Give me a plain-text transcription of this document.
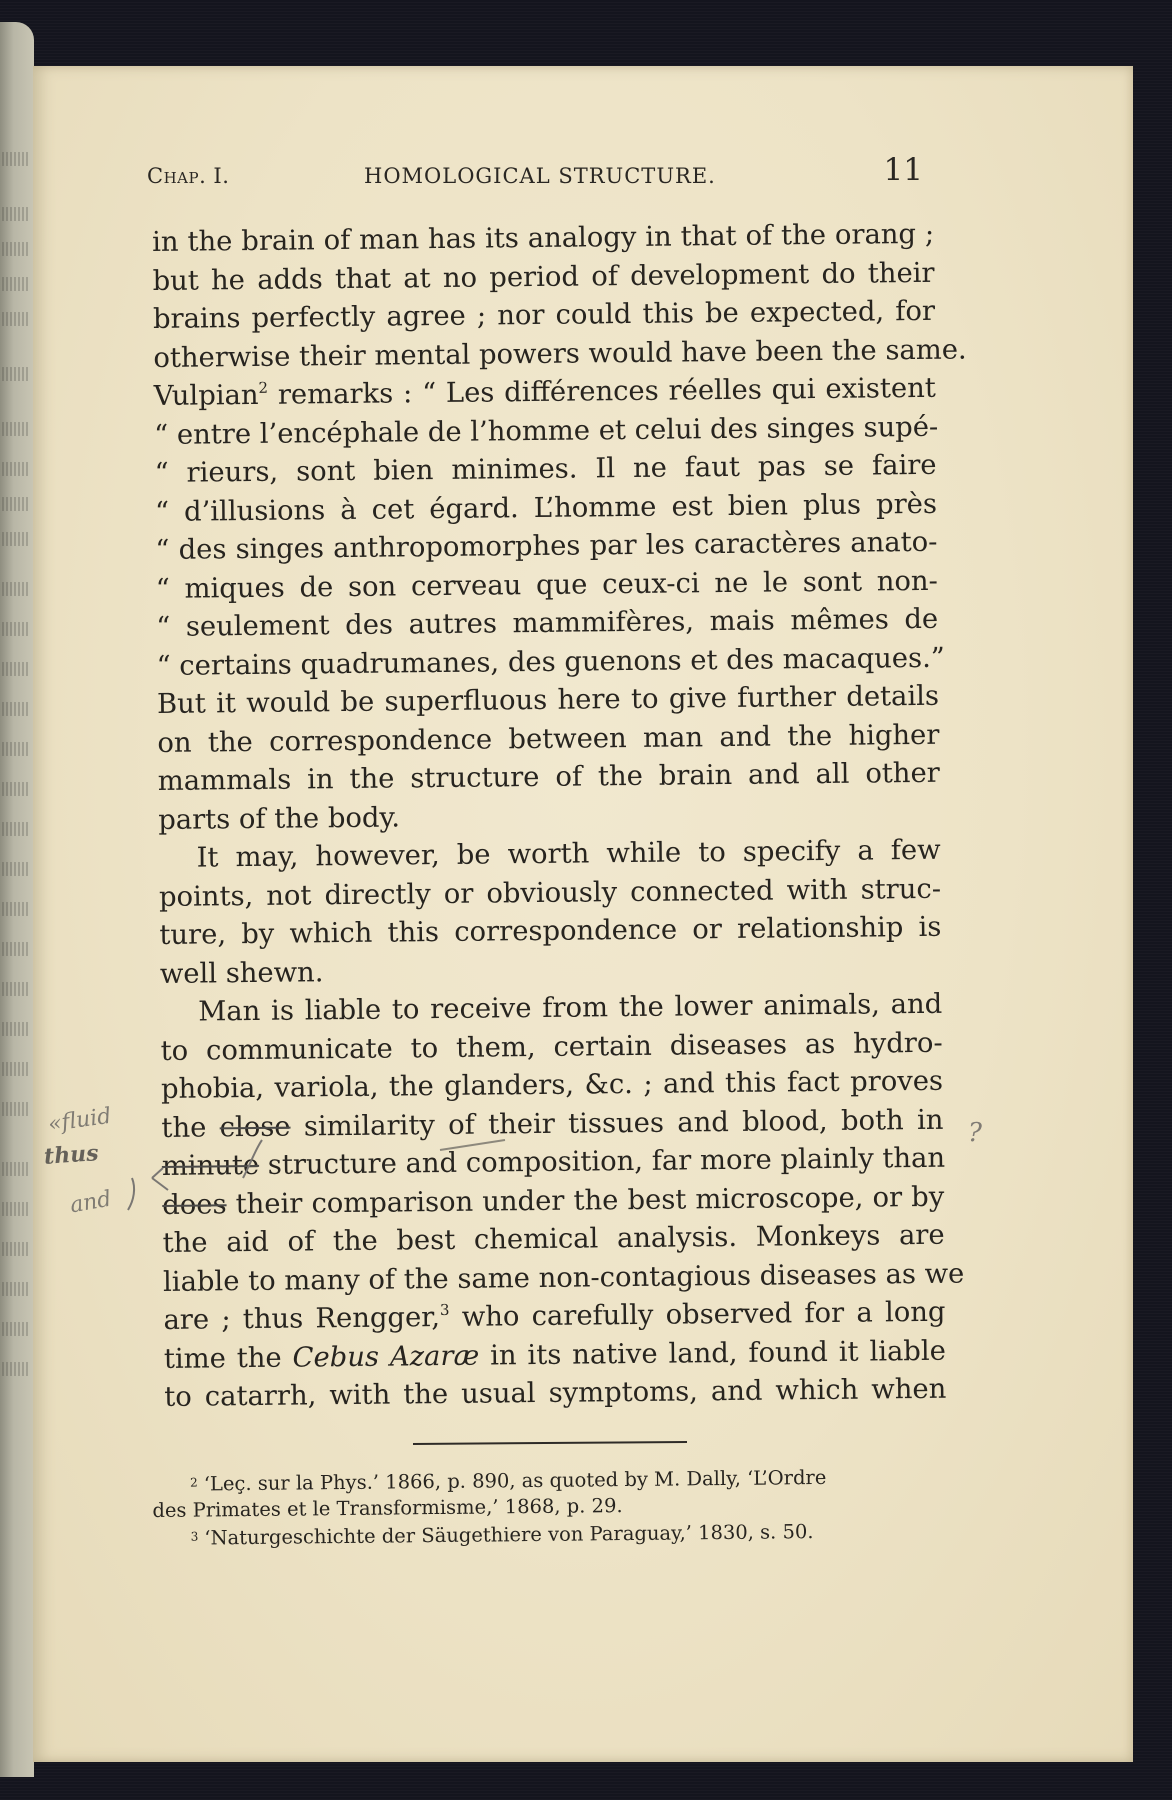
Chap. I.	HOMOLOGICAL STRUCTURE.	11
in the brain of man has its analogy in that of the orang ;
but he adds that at no period of development do their
brains perfectly agree ; nor could this be expected, for
otherwise their mental powers would have been the same.
Vulpian$^2$ remarks : “ Les différences réelles qui existent
“ entre l’encéphale de l’homme et celui des singes supé-
“ rieurs, sont bien minimes. Il ne faut pas se faire
“ d’illusions à cet égard. L’homme est bien plus près
“ des singes anthropomorphes par les caractères anato-
“ miques de son cerveau que ceux-ci ne le sont non-
“ seulement des autres mammifères, mais mêmes de
“ certains quadrumanes, des guenons et des macaques.”
But it would be superfluous here to give further details
on the correspondence between man and the higher
mammals in the structure of the brain and all other
parts of the body.
It may, however, be worth while to specify a few
points, not directly or obviously connected with struc-
ture, by which this correspondence or relationship is
well shewn.
Man is liable to receive from the lower animals, and
to communicate to them, certain diseases as hydro-
phobia, variola, the glanders, &c. ; and this fact proves
the close similarity of their tissues and blood, both in
minute structure and composition, far more plainly than
does their comparison under the best microscope, or by
the aid of the best chemical analysis. Monkeys are
liable to many of the same non-contagious diseases as we
are ; thus Rengger,$^3$ who carefully observed for a long
time the Cebus Azaræ in its native land, found it liable
to catarrh, with the usual symptoms, and which when
$^2$ ‘Leç. sur la Phys.’ 1866, p. 890, as quoted by M. Dally, ‘L’Ordre
des Primates et le Transformisme,’ 1868, p. 29.
$^3$ ‘Naturgeschichte der Säugethiere von Paraguay,’ 1830, s. 50.
«fluid
thus
and
?
